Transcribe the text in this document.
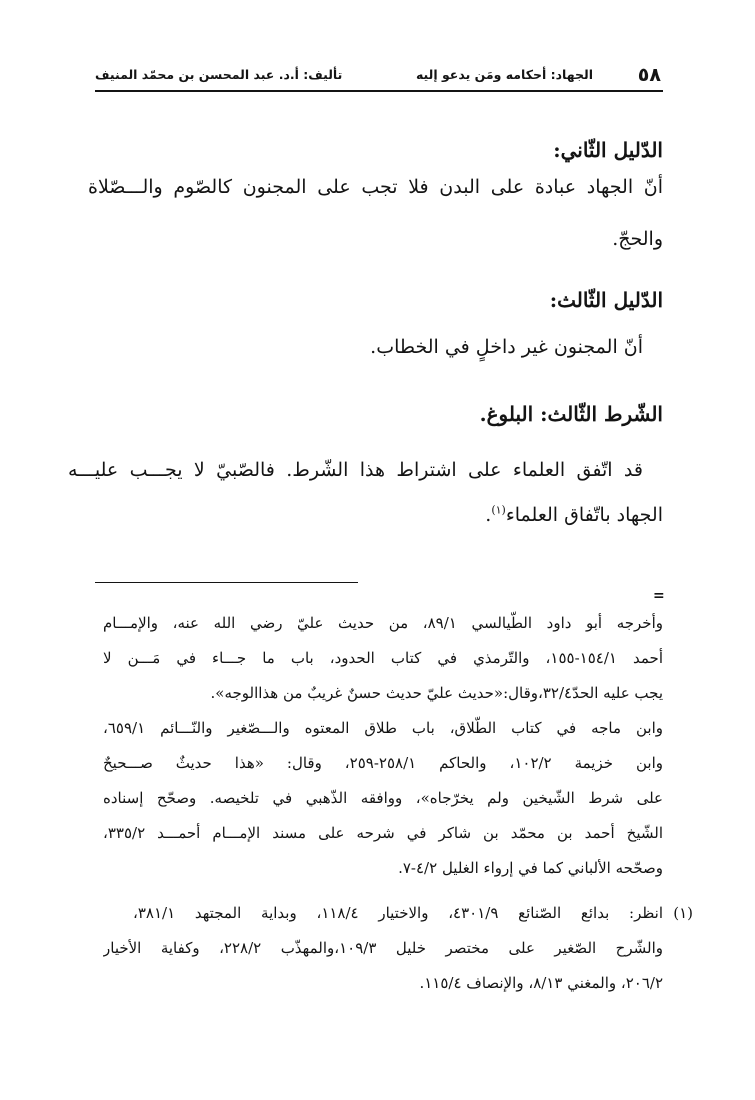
٥٨
الجهاد: أحكامه ومَن يدعو إليه
تأليف: أ.د. عبد المحسن بن محمّد المنيف
الدّليل الثّاني:
أنّ الجهاد عبادة على البدن فلا تجب على المجنون كالصّوم والـــصّلاة
والحجّ.
الدّليل الثّالث:
أنّ المجنون غير داخلٍ في الخطاب.
الشّرط الثّالث: البلوغ.
قد اتّفق العلماء على اشتراط هذا الشّرط. فالصّبيّ لا يجـــب عليـــه
الجهاد باتّفاق العلماء$^{(١)}$.
=
وأخرجه أبو داود الطّيالسي ٨٩/١، من حديث عليّ رضي الله عنه، والإمـــام
أحمد ١٥٤/١-١٥٥، والتّرمذي في كتاب الحدود، باب ما جـــاء في مَـــن لا
يجب عليه الحدّ٣٢/٤،وقال:«حديث عليّ حديث حسنٌ غريبٌ من هذاالوجه».
وابن ماجه في كتاب الطّلاق، باب طلاق المعتوه والـــصّغير والنّـــائم ٦٥٩/١،
وابن خزيمة ١٠٢/٢، والحاكم ٢٥٨/١-٢٥٩، وقال: «هذا حديثٌ صـــحيحٌ
على شرط الشّيخين ولم يخرّجاه»، ووافقه الذّهبي في تلخيصه. وصحّح إسناده
الشّيخ أحمد بن محمّد بن شاكر في شرحه على مسند الإمـــام أحمـــد ٣٣٥/٢،
وصحّحه الألباني كما في إرواء الغليل ٤/٢-٧.
(١)
انظر: بدائع الصّنائع ٤٣٠١/٩، والاختيار ١١٨/٤، وبداية المجتهد ٣٨١/١،
والشّرح الصّغير على مختصر خليل ١٠٩/٣،والمهذّب ٢٢٨/٢، وكفاية الأخيار
٢٠٦/٢، والمغني ٨/١٣، والإنصاف ١١٥/٤.
